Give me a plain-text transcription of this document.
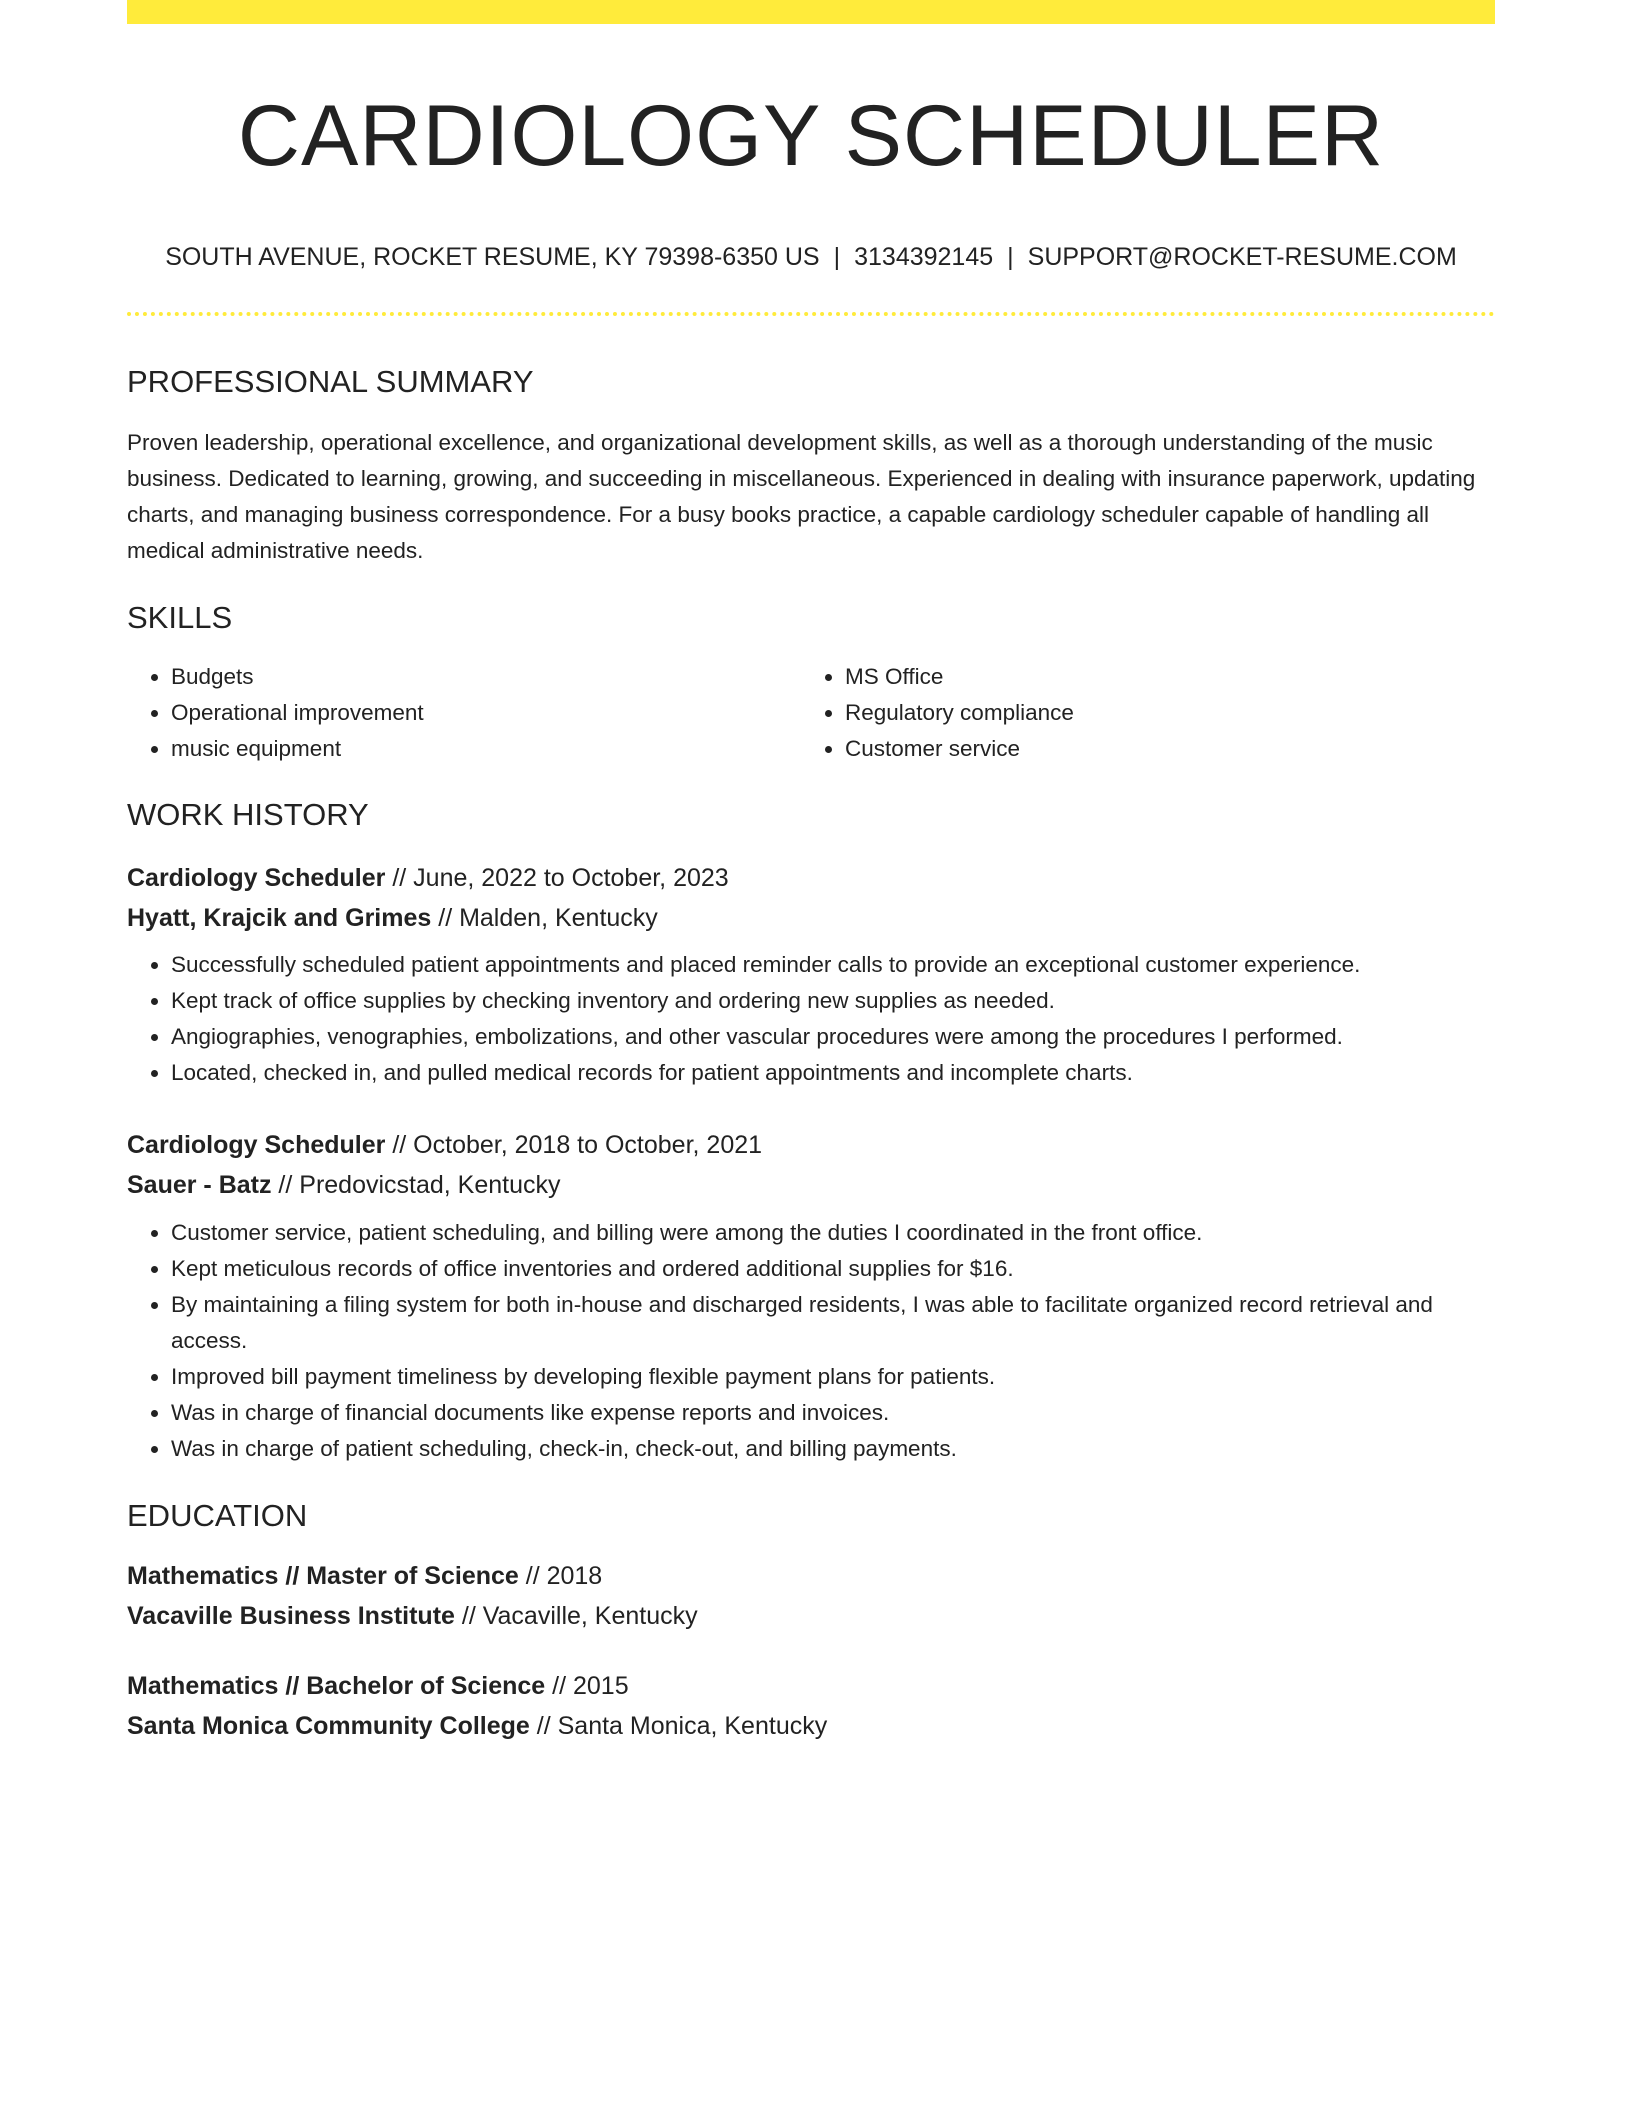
CARDIOLOGY SCHEDULER
SOUTH AVENUE, ROCKET RESUME, KY 79398-6350 US | 3134392145 | SUPPORT@ROCKET-RESUME.COM
PROFESSIONAL SUMMARY
Proven leadership, operational excellence, and organizational development skills, as well as a thorough understanding of the music business. Dedicated to learning, growing, and succeeding in miscellaneous. Experienced in dealing with insurance paperwork, updating charts, and managing business correspondence. For a busy books practice, a capable cardiology scheduler capable of handling all medical administrative needs.
SKILLS
• Budgets
• Operational improvement
• music equipment
• MS Office
• Regulatory compliance
• Customer service
WORK HISTORY
Cardiology Scheduler // June, 2022 to October, 2023
Hyatt, Krajcik and Grimes // Malden, Kentucky
• Successfully scheduled patient appointments and placed reminder calls to provide an exceptional customer experience.
• Kept track of office supplies by checking inventory and ordering new supplies as needed.
• Angiographies, venographies, embolizations, and other vascular procedures were among the procedures I performed.
• Located, checked in, and pulled medical records for patient appointments and incomplete charts.
Cardiology Scheduler // October, 2018 to October, 2021
Sauer - Batz // Predovicstad, Kentucky
• Customer service, patient scheduling, and billing were among the duties I coordinated in the front office.
• Kept meticulous records of office inventories and ordered additional supplies for $16.
• By maintaining a filing system for both in-house and discharged residents, I was able to facilitate organized record retrieval and access.
• Improved bill payment timeliness by developing flexible payment plans for patients.
• Was in charge of financial documents like expense reports and invoices.
• Was in charge of patient scheduling, check-in, check-out, and billing payments.
EDUCATION
Mathematics // Master of Science // 2018
Vacaville Business Institute // Vacaville, Kentucky
Mathematics // Bachelor of Science // 2015
Santa Monica Community College // Santa Monica, Kentucky
